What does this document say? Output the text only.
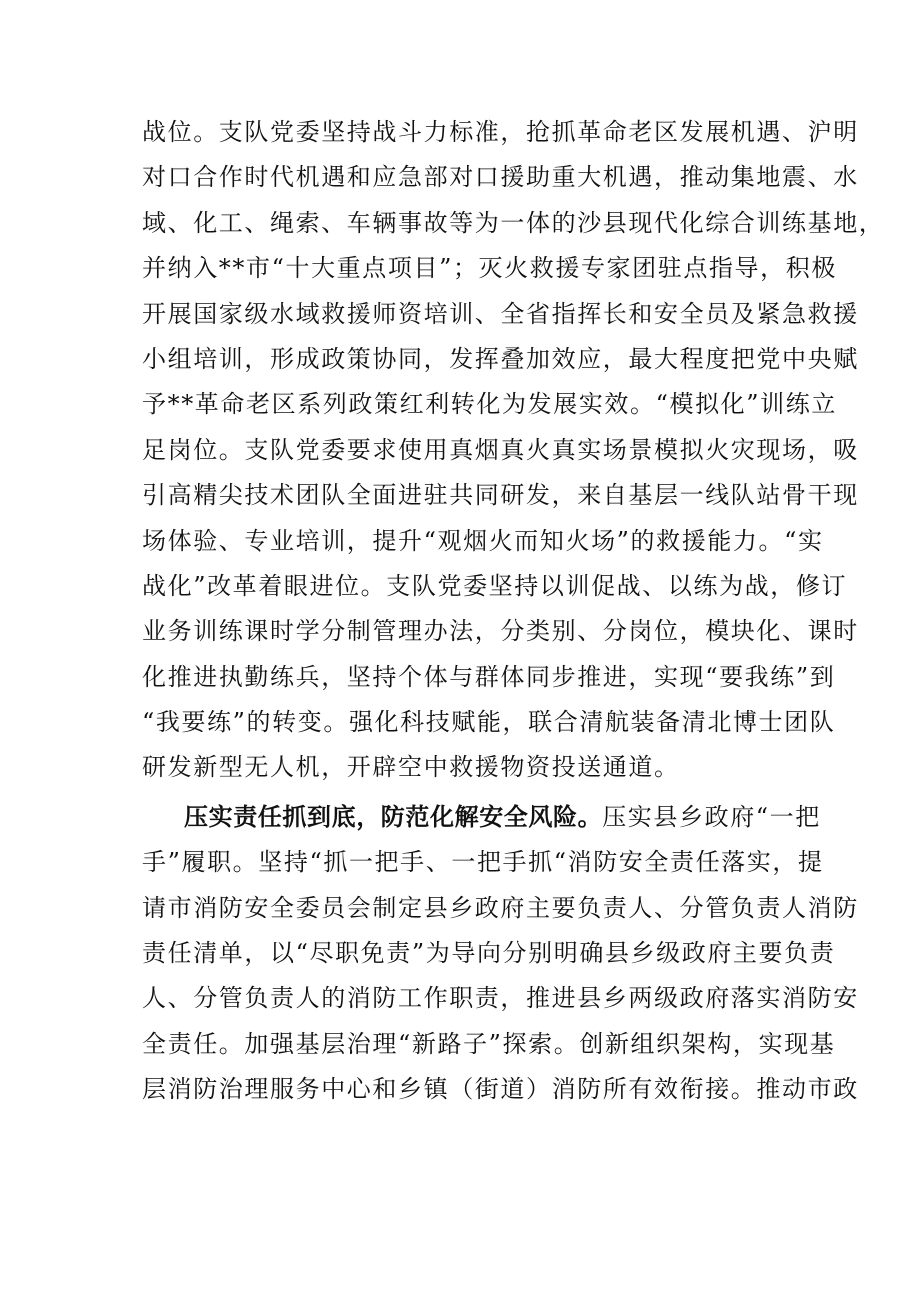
战位。支队党委坚持战斗力标准，抢抓革命老区发展机遇、沪明
对口合作时代机遇和应急部对口援助重大机遇，推动集地震、水
域、化工、绳索、车辆事故等为一体的沙县现代化综合训练基地，
并纳入**市“十大重点项目”；灭火救援专家团驻点指导，积极
开展国家级水域救援师资培训、全省指挥长和安全员及紧急救援
小组培训，形成政策协同，发挥叠加效应，最大程度把党中央赋
予**革命老区系列政策红利转化为发展实效。“模拟化”训练立
足岗位。支队党委要求使用真烟真火真实场景模拟火灾现场，吸
引高精尖技术团队全面进驻共同研发，来自基层一线队站骨干现
场体验、专业培训，提升“观烟火而知火场”的救援能力。“实
战化”改革着眼进位。支队党委坚持以训促战、以练为战，修订
业务训练课时学分制管理办法，分类别、分岗位，模块化、课时
化推进执勤练兵，坚持个体与群体同步推进，实现“要我练”到
“我要练”的转变。强化科技赋能，联合清航装备清北博士团队
研发新型无人机，开辟空中救援物资投送通道。
压实责任抓到底，防范化解安全风险。压实县乡政府“一把
手”履职。坚持“抓一把手、一把手抓“消防安全责任落实，提
请市消防安全委员会制定县乡政府主要负责人、分管负责人消防
责任清单，以“尽职免责”为导向分别明确县乡级政府主要负责
人、分管负责人的消防工作职责，推进县乡两级政府落实消防安
全责任。加强基层治理“新路子”探索。创新组织架构，实现基
层消防治理服务中心和乡镇（街道）消防所有效衔接。推动市政
